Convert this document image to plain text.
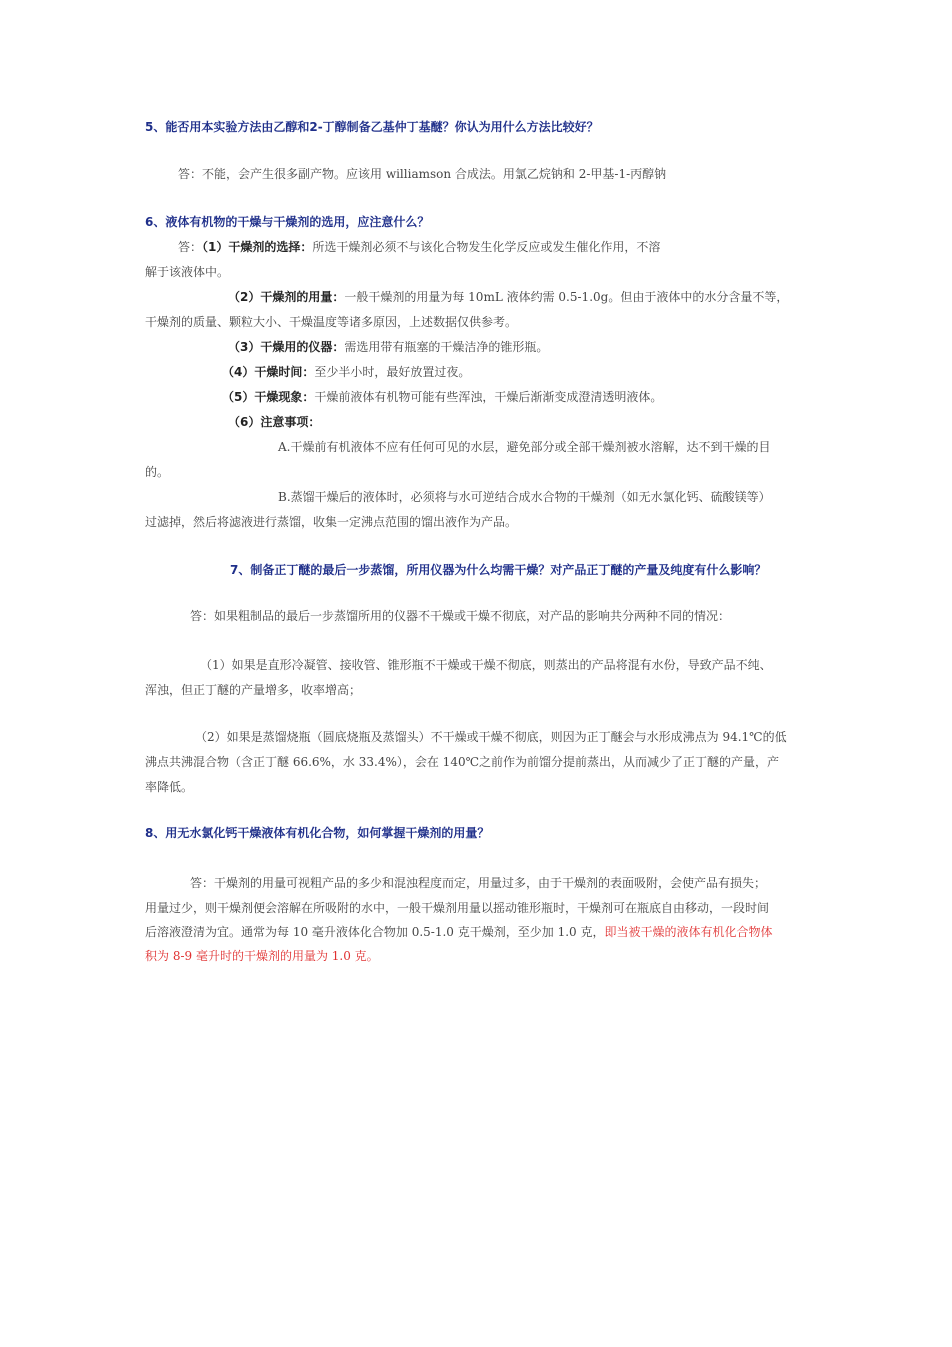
5、能否用本实验方法由乙醇和2-丁醇制备乙基仲丁基醚？你认为用什么方法比较好？
答：不能，会产生很多副产物。应该用 williamson 合成法。用氯乙烷钠和 2-甲基-1-丙醇钠
6、液体有机物的干燥与干燥剂的选用，应注意什么？
答：（1）干燥剂的选择：所选干燥剂必须不与该化合物发生化学反应或发生催化作用，不溶
解于该液体中。
（2）干燥剂的用量：一般干燥剂的用量为每 10mL 液体约需 0.5-1.0g。但由于液体中的水分含量不等，
干燥剂的质量、颗粒大小、干燥温度等诸多原因，上述数据仅供参考。
（3）干燥用的仪器：需选用带有瓶塞的干燥洁净的锥形瓶。
（4）干燥时间：至少半小时，最好放置过夜。
（5）干燥现象：干燥前液体有机物可能有些浑浊，干燥后渐渐变成澄清透明液体。
（6）注意事项：
A.干燥前有机液体不应有任何可见的水层，避免部分或全部干燥剂被水溶解，达不到干燥的目
的。
B.蒸馏干燥后的液体时，必须将与水可逆结合成水合物的干燥剂（如无水氯化钙、硫酸镁等）
过滤掉，然后将滤液进行蒸馏，收集一定沸点范围的馏出液作为产品。
7、制备正丁醚的最后一步蒸馏，所用仪器为什么均需干燥？对产品正丁醚的产量及纯度有什么影响？
答：如果粗制品的最后一步蒸馏所用的仪器不干燥或干燥不彻底，对产品的影响共分两种不同的情况：
（1）如果是直形冷凝管、接收管、锥形瓶不干燥或干燥不彻底，则蒸出的产品将混有水份，导致产品不纯、
浑浊，但正丁醚的产量增多，收率增高；
（2）如果是蒸馏烧瓶（圆底烧瓶及蒸馏头）不干燥或干燥不彻底，则因为正丁醚会与水形成沸点为 94.1℃的低
沸点共沸混合物（含正丁醚 66.6%，水 33.4%），会在 140℃之前作为前馏分提前蒸出，从而减少了正丁醚的产量，产
率降低。
8、用无水氯化钙干燥液体有机化合物，如何掌握干燥剂的用量？
答：干燥剂的用量可视粗产品的多少和混浊程度而定，用量过多，由于干燥剂的表面吸附，会使产品有损失；
用量过少，则干燥剂便会溶解在所吸附的水中，一般干燥剂用量以摇动锥形瓶时，干燥剂可在瓶底自由移动，一段时间
后溶液澄清为宜。通常为每 10 毫升液体化合物加 0.5-1.0 克干燥剂，至少加 1.0 克，即当被干燥的液体有机化合物体
积为 8-9 毫升时的干燥剂的用量为 1.0 克。
